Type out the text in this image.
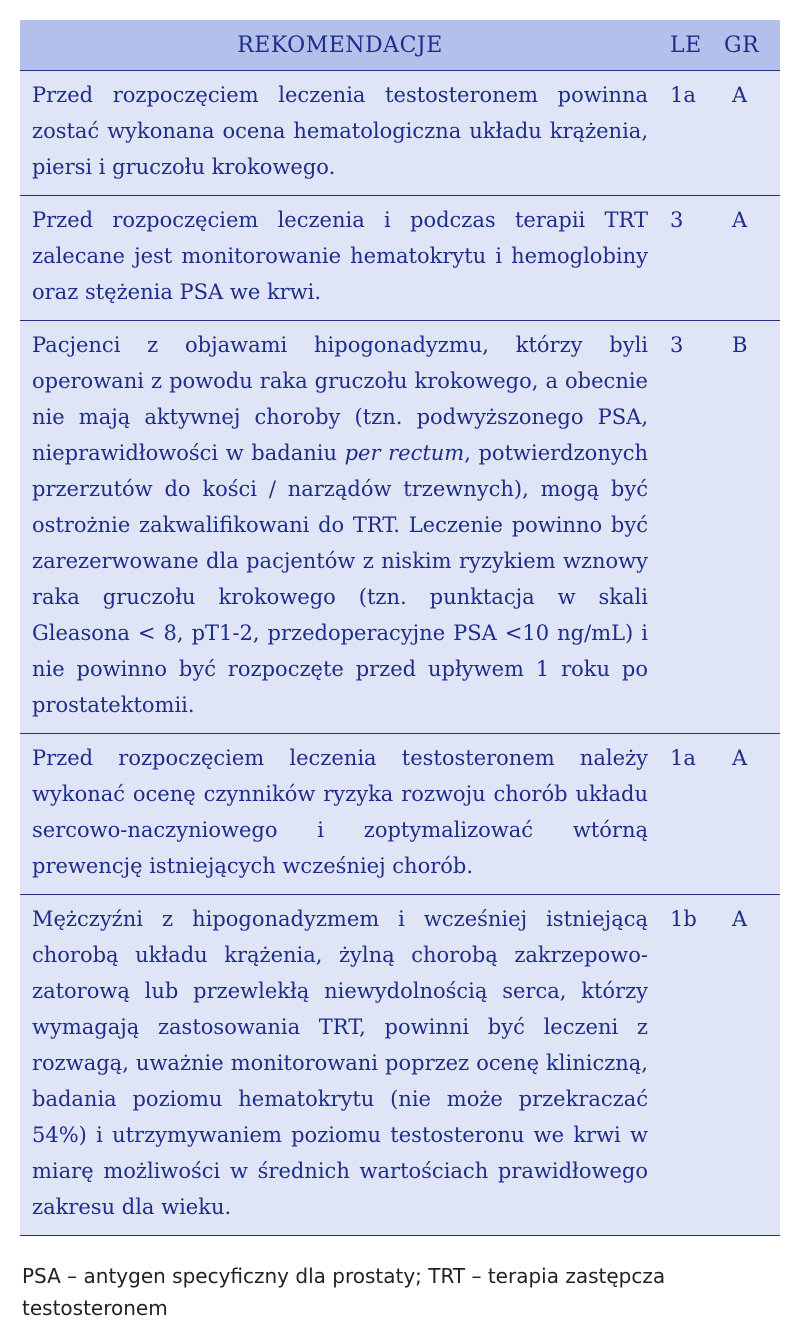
REKOMENDACJE	LE	GR
Przed rozpoczęciem leczenia testosteronem powinna zostać wykonana ocena hematologiczna układu krążenia, piersi i gruczołu krokowego.	1a	A
Przed rozpoczęciem leczenia i podczas terapii TRT zalecane jest monitorowanie hematokrytu i hemoglobiny oraz stężenia PSA we krwi.	3	A
Pacjenci z objawami hipogonadyzmu, którzy byli operowani z powodu raka gruczołu krokowego, a obecnie nie mają aktywnej choroby (tzn. podwyższonego PSA, nieprawidłowości w badaniu per rectum, potwierdzonych przerzutów do kości / narządów trzewnych), mogą być ostrożnie zakwalifikowani do TRT. Leczenie powinno być zarezerwowane dla pacjentów z niskim ryzykiem wznowy raka gruczołu krokowego (tzn. punktacja w skali Gleasona < 8, pT1-2, przedoperacyjne PSA <10 ng/mL) i nie powinno być rozpoczęte przed upływem 1 roku po prostatektomii.	3	B
Przed rozpoczęciem leczenia testosteronem należy wykonać ocenę czynników ryzyka rozwoju chorób układu sercowo-naczyniowego i zoptymalizować wtórną prewencję istniejących wcześniej chorób.	1a	A
Mężczyźni z hipogonadyzmem i wcześniej istniejącą chorobą układu krążenia, żylną chorobą zakrzepowo-zatorową lub przewlekłą niewydolnością serca, którzy wymagają zastosowania TRT, powinni być leczeni z rozwagą, uważnie monitorowani poprzez ocenę kliniczną, badania poziomu hematokrytu (nie może przekraczać 54%) i utrzymywaniem poziomu testosteronu we krwi w miarę możliwości w średnich wartościach prawidłowego zakresu dla wieku.	1b	A
PSA – antygen specyficzny dla prostaty; TRT – terapia zastępcza testosteronem
